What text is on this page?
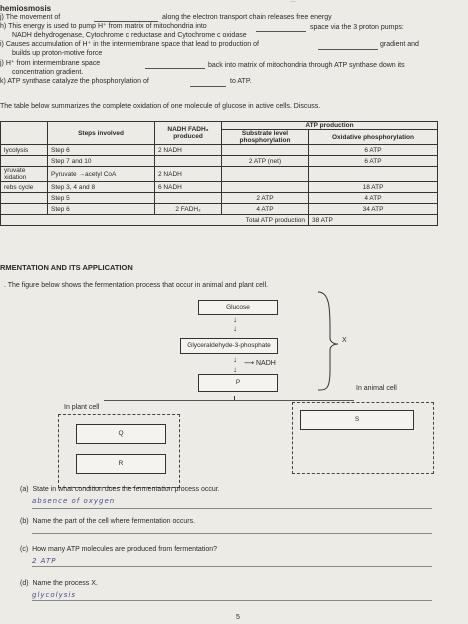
...
hemiosmosis
j) The movement of	along the electron transport chain releases free energy
h) This energy is used to pump H⁺ from matrix of mitochondria into	space via the 3 proton pumps:
NADH dehydrogenase, Cytochrome c reductase and Cytochrome c oxidase
i) Causes accumulation of H⁺ in the intermembrane space that lead to production of	gradient and
builds up proton-motive force
j) H⁺ from intermembrane space	back into matrix of mitochondria through ATP synthase down its
concentration gradient.
k) ATP synthase catalyze the phosphorylation of	to ATP.
The table below summarizes the complete oxidation of one molecule of glucose in active cells. Discuss.
	Steps involved	NADH FADH₂ produced	ATP production	
			Substrate level phosphorylation	Oxidative phosphorylation
lycolysis	Step 6	2 NADH		6 ATP
	Step 7 and 10		2 ATP (net)	6 ATP
yruvate xidation	Pyruvate →acetyl CoA	2 NADH		
rebs cycle	Step 3, 4 and 8	6 NADH		18 ATP
	Step 5		2 ATP	4 ATP
	Step 6	2 FADH₂	4 ATP	34 ATP
Total ATP production				38 ATP
RMENTATION AND ITS APPLICATION
. The figure below shows the fermentation process that occur in animal and plant cell.
Glucose
↓
↓
Glyceraldehyde-3-phosphate
↓ ⟶ NADH
↓
P
X
In animal cell
In plant cell
S
Q
R
(a) State in what condition does the fermentation process occur.
absence of oxygen
(b) Name the part of the cell where fermentation occurs.
(c) How many ATP molecules are produced from fermentation?
2 ATP
(d) Name the process X.
glycolysis
5
